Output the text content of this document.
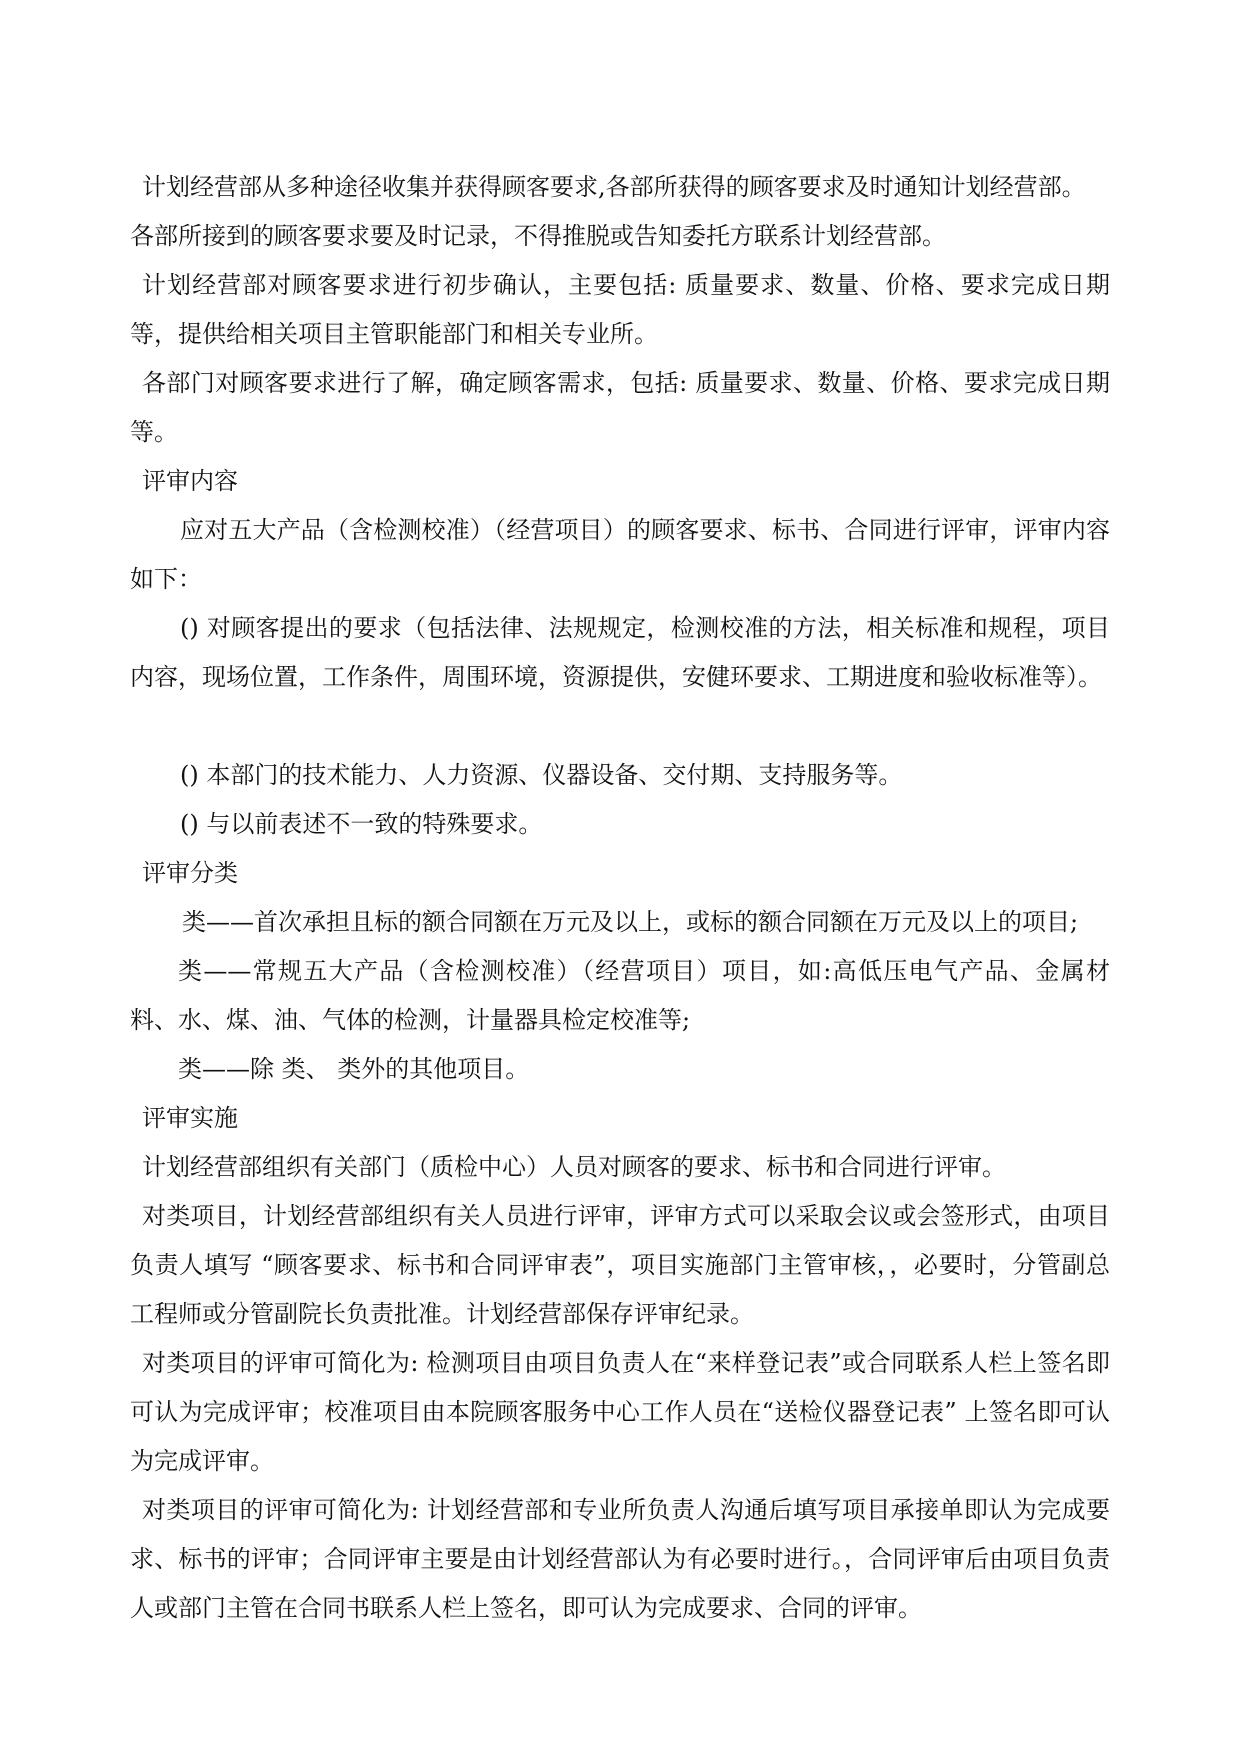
计划经营部从多种途径收集并获得顾客要求,各部所获得的顾客要求及时通知计划经营部。

各部所接到的顾客要求要及时记录，不得推脱或告知委托方联系计划经营部。

计划经营部对顾客要求进行初步确认，主要包括: 质量要求、数量、价格、要求完成日期等，提供给相关项目主管职能部门和相关专业所。

各部门对顾客要求进行了解，确定顾客需求，包括: 质量要求、数量、价格、要求完成日期等。

评审内容

应对五大产品（含检测校准）（经营项目）的顾客要求、标书、合同进行评审，评审内容如下：

() 对顾客提出的要求（包括法律、法规规定，检测校准的方法，相关标准和规程，项目内容，现场位置，工作条件，周围环境，资源提供，安健环要求、工期进度和验收标准等）。

() 本部门的技术能力、人力资源、仪器设备、交付期、支持服务等。

() 与以前表述不一致的特殊要求。

评审分类

类——首次承担且标的额合同额在万元及以上，或标的额合同额在万元及以上的项目;

类——常规五大产品（含检测校准）（经营项目）项目，如:高低压电气产品、金属材料、水、煤、油、气体的检测，计量器具检定校准等;

类——除 类、 类外的其他项目。

评审实施

计划经营部组织有关部门（质检中心）人员对顾客的要求、标书和合同进行评审。

对类项目，计划经营部组织有关人员进行评审，评审方式可以采取会议或会签形式，由项目负责人填写 “顾客要求、标书和合同评审表”，项目实施部门主管审核，，必要时，分管副总工程师或分管副院长负责批准。计划经营部保存评审纪录。

对类项目的评审可简化为: 检测项目由项目负责人在“来样登记表”或合同联系人栏上签名即可认为完成评审；校准项目由本院顾客服务中心工作人员在“送检仪器登记表” 上签名即可认为完成评审。

对类项目的评审可简化为: 计划经营部和专业所负责人沟通后填写项目承接单即认为完成要求、标书的评审；合同评审主要是由计划经营部认为有必要时进行。，合同评审后由项目负责人或部门主管在合同书联系人栏上签名，即可认为完成要求、合同的评审。
